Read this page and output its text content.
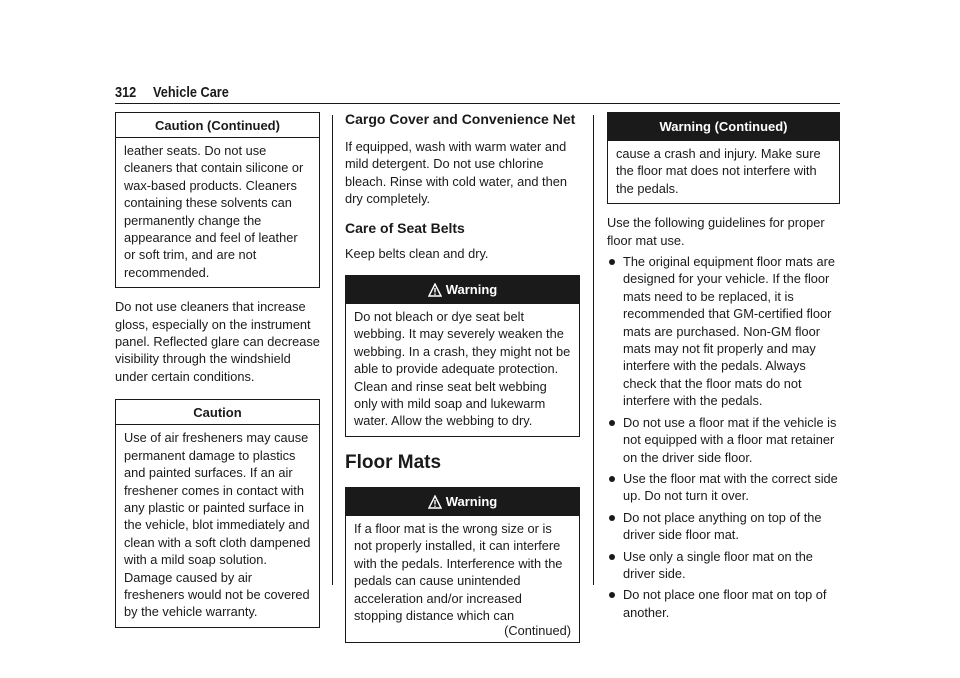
312 Vehicle Care
Caution (Continued)
leather seats. Do not use cleaners that contain silicone or wax-based products. Cleaners containing these solvents can permanently change the appearance and feel of leather or soft trim, and are not recommended.

Do not use cleaners that increase gloss, especially on the instrument panel. Reflected glare can decrease visibility through the windshield under certain conditions.

Caution
Use of air fresheners may cause permanent damage to plastics and painted surfaces. If an air freshener comes in contact with any plastic or painted surface in the vehicle, blot immediately and clean with a soft cloth dampened with a mild soap solution. Damage caused by air fresheners would not be covered by the vehicle warranty.
Cargo Cover and Convenience Net

If equipped, wash with warm water and mild detergent. Do not use chlorine bleach. Rinse with cold water, and then dry completely.

Care of Seat Belts

Keep belts clean and dry.

Warning
Do not bleach or dye seat belt webbing. It may severely weaken the webbing. In a crash, they might not be able to provide adequate protection. Clean and rinse seat belt webbing only with mild soap and lukewarm water. Allow the webbing to dry.
Floor Mats
Warning
If a floor mat is the wrong size or is not properly installed, it can interfere with the pedals. Interference with the pedals can cause unintended acceleration and/or increased stopping distance which can
(Continued)
Warning (Continued)
cause a crash and injury. Make sure the floor mat does not interfere with the pedals.

Use the following guidelines for proper floor mat use.

The original equipment floor mats are designed for your vehicle. If the floor mats need to be replaced, it is recommended that GM-certified floor mats are purchased. Non-GM floor mats may not fit properly and may interfere with the pedals. Always check that the floor mats do not interfere with the pedals.
Do not use a floor mat if the vehicle is not equipped with a floor mat retainer on the driver side floor.
Use the floor mat with the correct side up. Do not turn it over.
Do not place anything on top of the driver side floor mat.
Use only a single floor mat on the driver side.
Do not place one floor mat on top of another.
